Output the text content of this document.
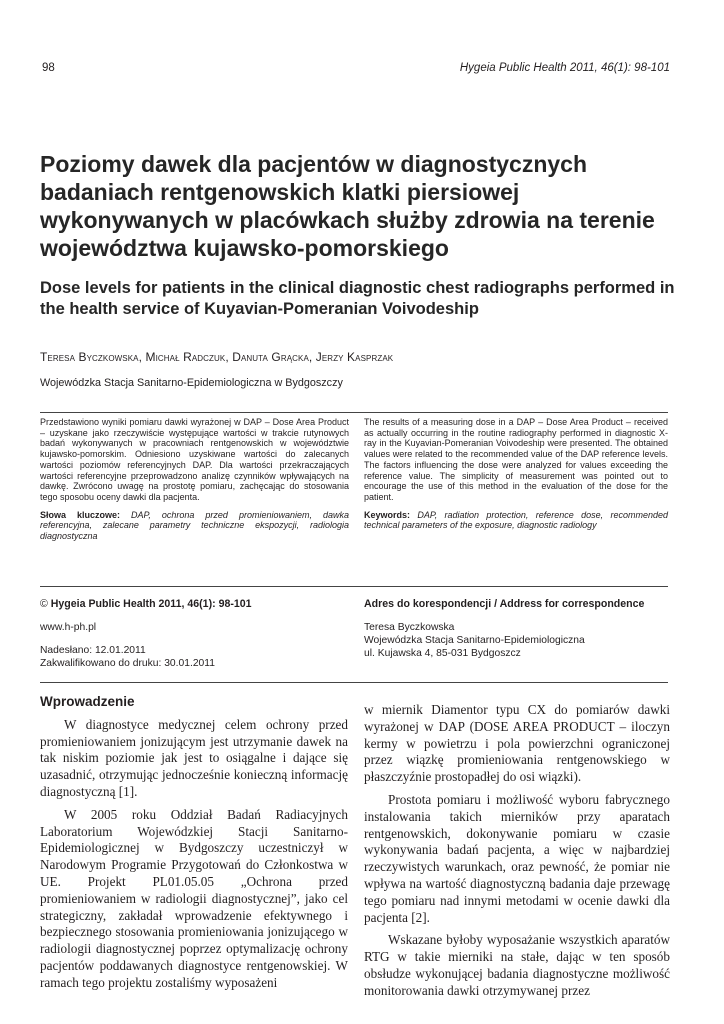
98	Hygeia Public Health 2011, 46(1): 98-101
Poziomy dawek dla pacjentów w diagnostycznych badaniach rentgenowskich klatki piersiowej wykonywanych w placówkach służby zdrowia na terenie województwa kujawsko-pomorskiego
Dose levels for patients in the clinical diagnostic chest radiographs performed in the health service of Kuyavian-Pomeranian Voivodeship
Teresa Byczkowska, Michał Radczuk, Danuta Grącka, Jerzy Kasprzak
Wojewódzka Stacja Sanitarno-Epidemiologiczna w Bydgoszczy

Przedstawiono wyniki pomiaru dawki wyrażonej w DAP – Dose Area Product – uzyskane jako rzeczywiście występujące wartości w trakcie rutynowych badań wykonywanych w pracowniach rentgenowskich w województwie kujawsko-pomorskim. Odniesiono uzyskiwane wartości do zalecanych wartości poziomów referencyjnych DAP. Dla wartości przekraczających wartości referencyjne przeprowadzono analizę czynników wpływających na dawkę. Zwrócono uwagę na prostotę pomiaru, zachęcając do stosowania tego sposobu oceny dawki dla pacjenta.

Słowa kluczowe: DAP, ochrona przed promieniowaniem, dawka referencyjna, zalecane parametry techniczne ekspozycji, radiologia diagnostyczna

The results of a measuring dose in a DAP – Dose Area Product – received as actually occurring in the routine radiography performed in diagnostic X-ray in the Kuyavian-Pomeranian Voivodeship were presented. The obtained values were related to the recommended value of the DAP reference levels. The factors influencing the dose were analyzed for values exceeding the reference value. The simplicity of measurement was pointed out to encourage the use of this method in the evaluation of the dose for the patient.

Keywords: DAP, radiation protection, reference dose, recommended technical parameters of the exposure, diagnostic radiology

© Hygeia Public Health 2011, 46(1): 98-101
www.h-ph.pl
Nadesłano: 12.01.2011
Zakwalifikowano do druku: 30.01.2011
Adres do korespondencji / Address for correspondence
Teresa Byczkowska
Wojewódzka Stacja Sanitarno-Epidemiologiczna
ul. Kujawska 4, 85-031 Bydgoszcz
Wprowadzenie

W diagnostyce medycznej celem ochrony przed promieniowaniem jonizującym jest utrzymanie dawek na tak niskim poziomie jak jest to osiągalne i dające się uzasadnić, otrzymując jednocześnie konieczną informację diagnostyczną [1].

W 2005 roku Oddział Badań Radiacyjnych Laboratorium Wojewódzkiej Stacji Sanitarno-Epidemiologicznej w Bydgoszczy uczestniczył w Narodowym Programie Przygotowań do Członkostwa w UE. Projekt PL01.05.05 „Ochrona przed promieniowaniem w radiologii diagnostycznej”, jako cel strategiczny, zakładał wprowadzenie efektywnego i bezpiecznego stosowania promieniowania jonizującego w radiologii diagnostycznej poprzez optymalizację ochrony pacjentów poddawanych diagnostyce rentgenowskiej. W ramach tego projektu zostaliśmy wyposażeni

w miernik Diamentor typu CX do pomiarów dawki wyrażonej w DAP (DOSE AREA PRODUCT – iloczyn kermy w powietrzu i pola powierzchni ograniczonej przez wiązkę promieniowania rentgenowskiego w płaszczyźnie prostopadłej do osi wiązki).

Prostota pomiaru i możliwość wyboru fabrycznego instalowania takich mierników przy aparatach rentgenowskich, dokonywanie pomiaru w czasie wykonywania badań pacjenta, a więc w najbardziej rzeczywistych warunkach, oraz pewność, że pomiar nie wpływa na wartość diagnostyczną badania daje przewagę tego pomiaru nad innymi metodami w ocenie dawki dla pacjenta [2].

Wskazane byłoby wyposażanie wszystkich aparatów RTG w takie mierniki na stałe, dając w ten sposób obsłudze wykonującej badania diagnostyczne możliwość monitorowania dawki otrzymywanej przez
